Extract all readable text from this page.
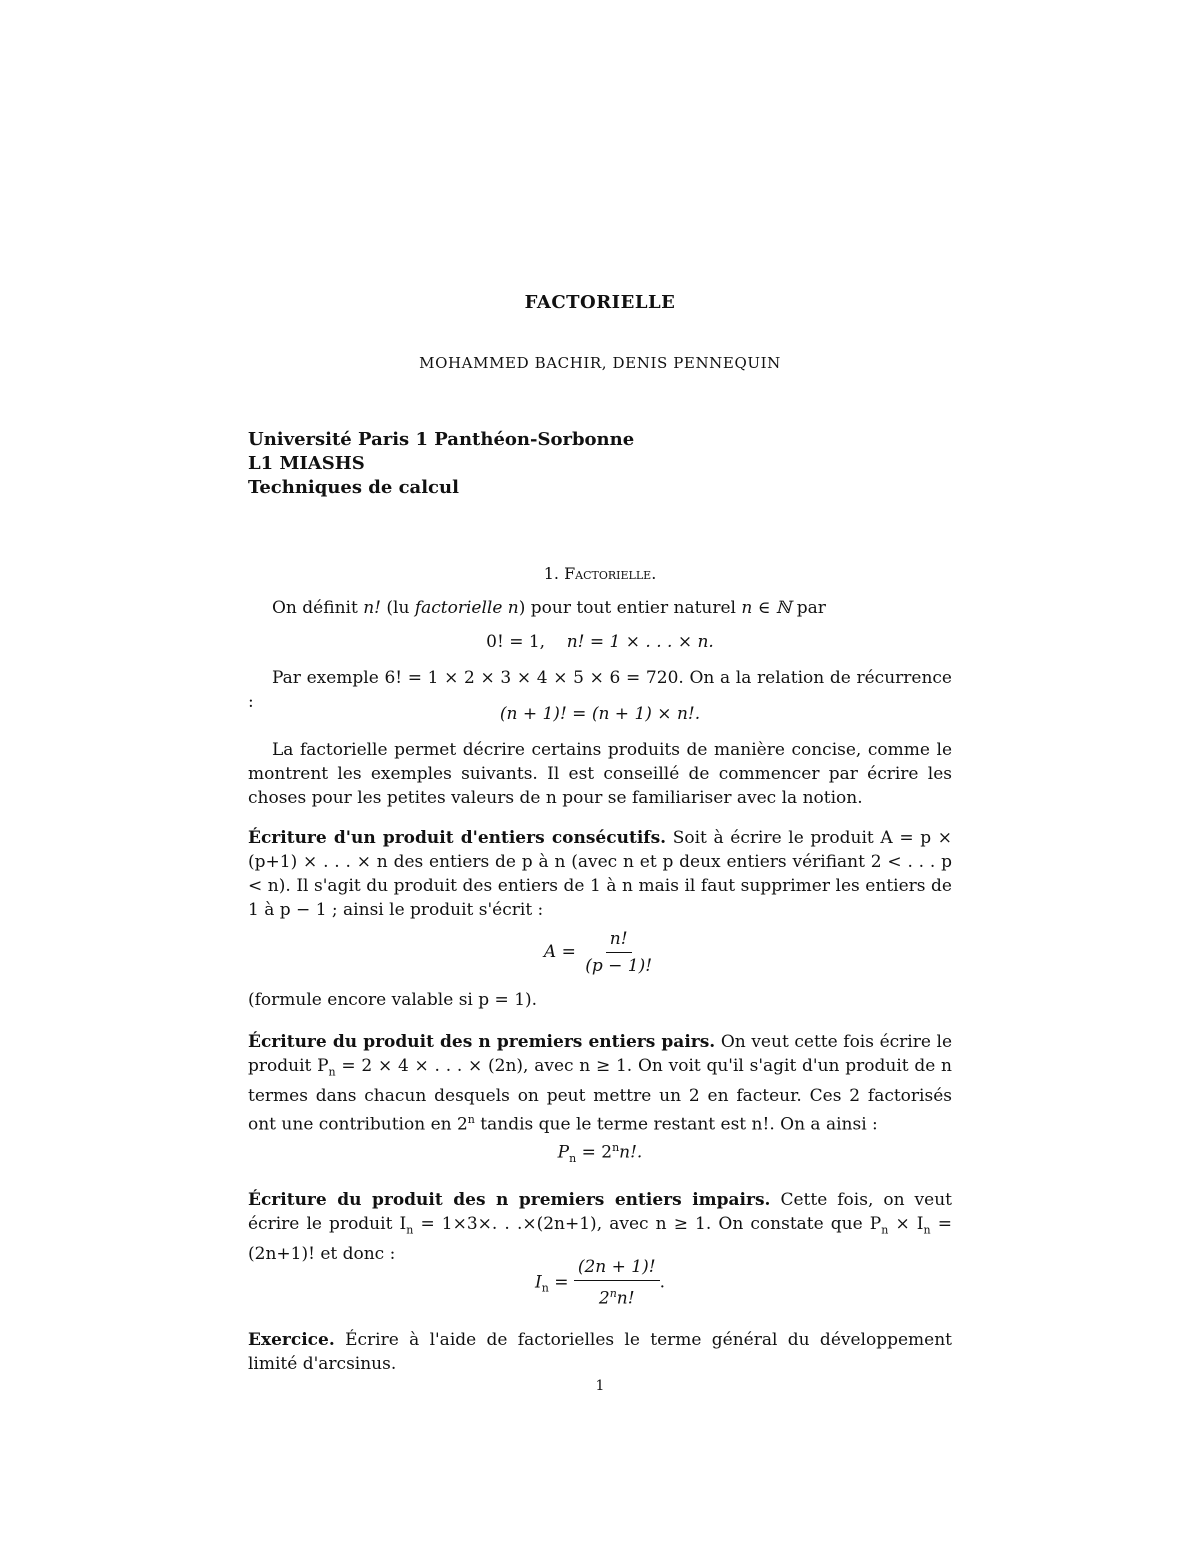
FACTORIELLE
MOHAMMED BACHIR, DENIS PENNEQUIN
Université Paris 1 Panthéon-Sorbonne
L1 MIASHS
Techniques de calcul
1. Factorielle.
On définit n! (lu factorielle n) pour tout entier naturel n ∈ ℕ par
0! = 1, n! = 1 × . . . × n.
Par exemple 6! = 1 × 2 × 3 × 4 × 5 × 6 = 720. On a la relation de récurrence :
(n + 1)! = (n + 1) × n!.
La factorielle permet décrire certains produits de manière concise, comme le montrent les exemples suivants. Il est conseillé de commencer par écrire les choses pour les petites valeurs de n pour se familiariser avec la notion.
Écriture d'un produit d'entiers consécutifs. Soit à écrire le produit A = p × (p+1) × . . . × n des entiers de p à n (avec n et p deux entiers vérifiant 2 < . . . p < n). Il s'agit du produit des entiers de 1 à n mais il faut supprimer les entiers de 1 à p − 1 ; ainsi le produit s'écrit :
$A = \frac{n!}{(p - 1)!}$
(formule encore valable si p = 1).
Écriture du produit des n premiers entiers pairs. On veut cette fois écrire le produit $P_n = 2 \times 4$ × . . . × (2n), avec n ≥ 1. On voit qu'il s'agit d'un produit de n termes dans chacun desquels on peut mettre un 2 en facteur. Ces 2 factorisés ont une contribution en 2$^n$ tandis que le terme restant est n!. On a ainsi :
$P_n = 2^nn$!.
Écriture du produit des n premiers entiers impairs. Cette fois, on veut écrire le produit $I_n = 1\times 3\times$. . .×(2n+1), avec n ≥ 1. On constate que $P_n \times I_n = (2n+1)$! et donc :
$I_n = \frac{(2n + 1)!}{2^nn!}$ .
Exercice. Écrire à l'aide de factorielles le terme général du développement limité d'arcsinus.
1
